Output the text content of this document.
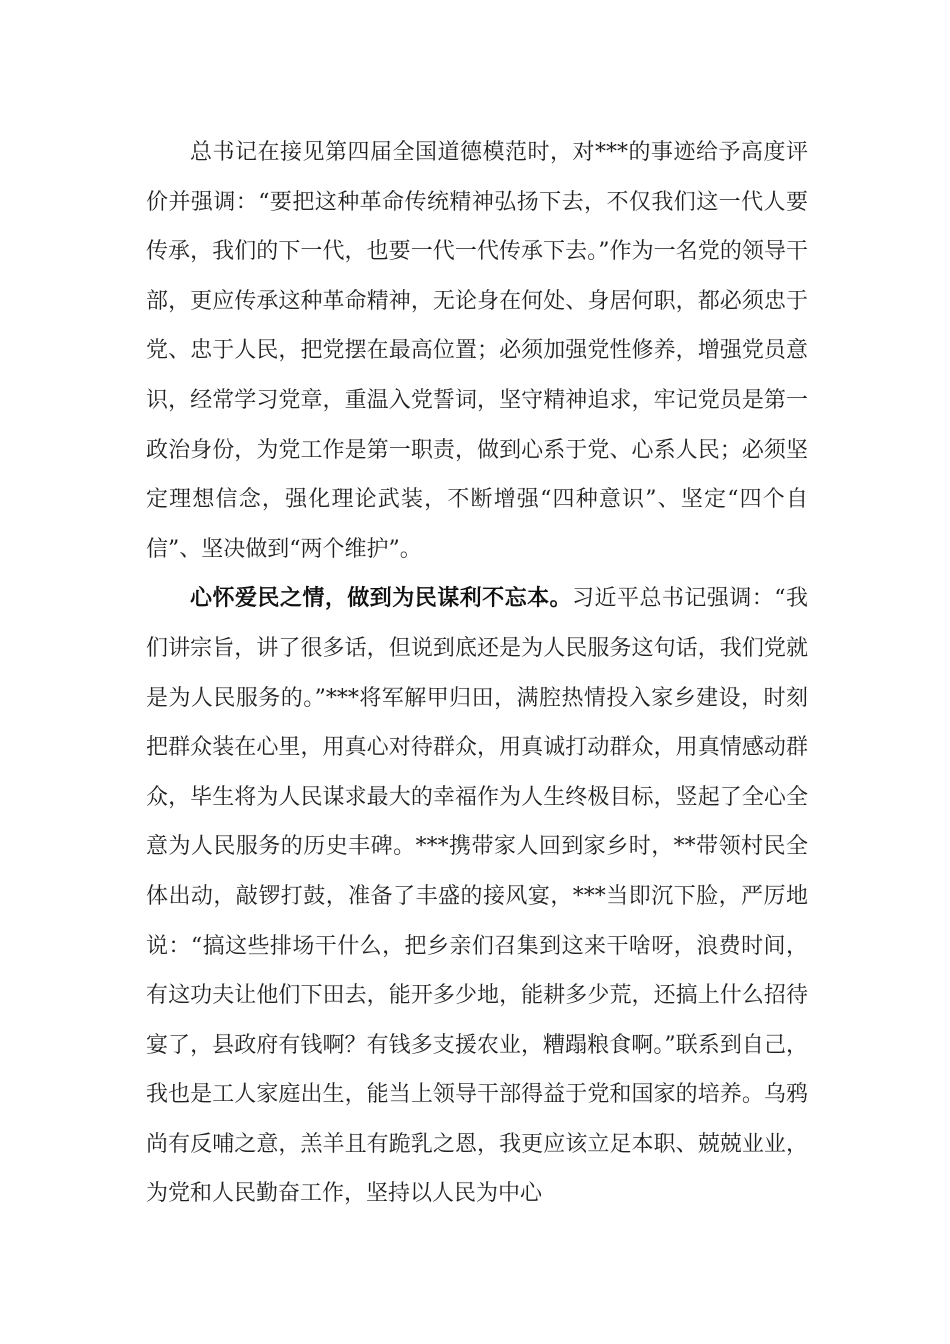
总书记在接见第四届全国道德模范时，对***的事迹给予高度评价并强调：“要把这种革命传统精神弘扬下去，不仅我们这一代人要传承，我们的下一代，也要一代一代传承下去。”作为一名党的领导干部，更应传承这种革命精神，无论身在何处、身居何职，都必须忠于党、忠于人民，把党摆在最高位置；必须加强党性修养，增强党员意识，经常学习党章，重温入党誓词，坚守精神追求，牢记党员是第一政治身份，为党工作是第一职责，做到心系于党、心系人民；必须坚定理想信念，强化理论武装，不断增强“四种意识”、坚定“四个自信”、坚决做到“两个维护”。

心怀爱民之情，做到为民谋利不忘本。习近平总书记强调：“我们讲宗旨，讲了很多话，但说到底还是为人民服务这句话，我们党就是为人民服务的。”***将军解甲归田，满腔热情投入家乡建设，时刻把群众装在心里，用真心对待群众，用真诚打动群众，用真情感动群众，毕生将为人民谋求最大的幸福作为人生终极目标，竖起了全心全意为人民服务的历史丰碑。***携带家人回到家乡时，**带领村民全体出动，敲锣打鼓，准备了丰盛的接风宴，***当即沉下脸，严厉地说：“搞这些排场干什么，把乡亲们召集到这来干啥呀，浪费时间，有这功夫让他们下田去，能开多少地，能耕多少荒，还搞上什么招待宴了，县政府有钱啊？有钱多支援农业，糟蹋粮食啊。”联系到自己，我也是工人家庭出生，能当上领导干部得益于党和国家的培养。乌鸦尚有反哺之意，羔羊且有跪乳之恩，我更应该立足本职、兢兢业业，为党和人民勤奋工作，坚持以人民为中心
